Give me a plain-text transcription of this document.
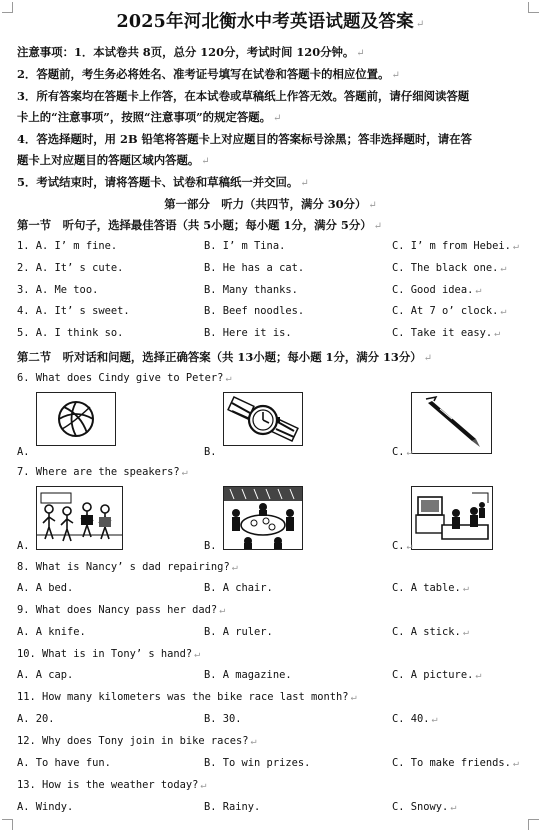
2025年河北衡水中考英语试题及答案 ↵
注意事项：1．本试卷共 8页，总分 120分，考试时间 120分钟。 ↵
2．答题前，考生务必将姓名、准考证号填写在试卷和答题卡的相应位置。 ↵
3．所有答案均在答题卡上作答，在本试卷或草稿纸上作答无效。答题前，请仔细阅读答题
卡上的“注意事项”，按照“注意事项”的规定答题。 ↵
4．答选择题时，用 2B 铅笔将答题卡上对应题目的答案标号涂黑；答非选择题时，请在答
题卡上对应题目的答题区域内答题。 ↵
5．考试结束时，请将答题卡、试卷和草稿纸一并交回。 ↵
第一部分　听力（共四节，满分 30分） ↵
第一节　听句子，选择最佳答语（共 5小题；每小题 1分，满分 5分） ↵
1. A. I’ m fine.	B. I’ m Tina.	C. I’ m from Hebei. ↵
2. A. It’ s cute.	B. He has a cat.	C. The black one. ↵
3. A. Me too.	B. Many thanks.	C. Good idea. ↵
4. A. It’ s sweet.	B. Beef noodles.	C. At 7 o’ clock. ↵
5. A. I think so.	B. Here it is.	C. Take it easy. ↵
第二节　听对话和问题，选择正确答案（共 13小题；每小题 1分，满分 13分） ↵
6. What does Cindy give to Peter? ↵
A.	B.	C. ↵
7. Where are the speakers? ↵
A.	B.	C. ↵
8. What is Nancy’ s dad repairing? ↵
A. A bed.	B. A chair.	C. A table. ↵
9. What does Nancy pass her dad? ↵
A. A knife.	B. A ruler.	C. A stick. ↵
10. What is in Tony’ s hand? ↵
A. A cap.	B. A magazine.	C. A picture. ↵
11. How many kilometers was the bike race last month? ↵
A. 20.	B. 30.	C. 40. ↵
12. Why does Tony join in bike races? ↵
A. To have fun.	B. To win prizes.	C. To make friends. ↵
13. How is the weather today? ↵
A. Windy.	B. Rainy.	C. Snowy. ↵
